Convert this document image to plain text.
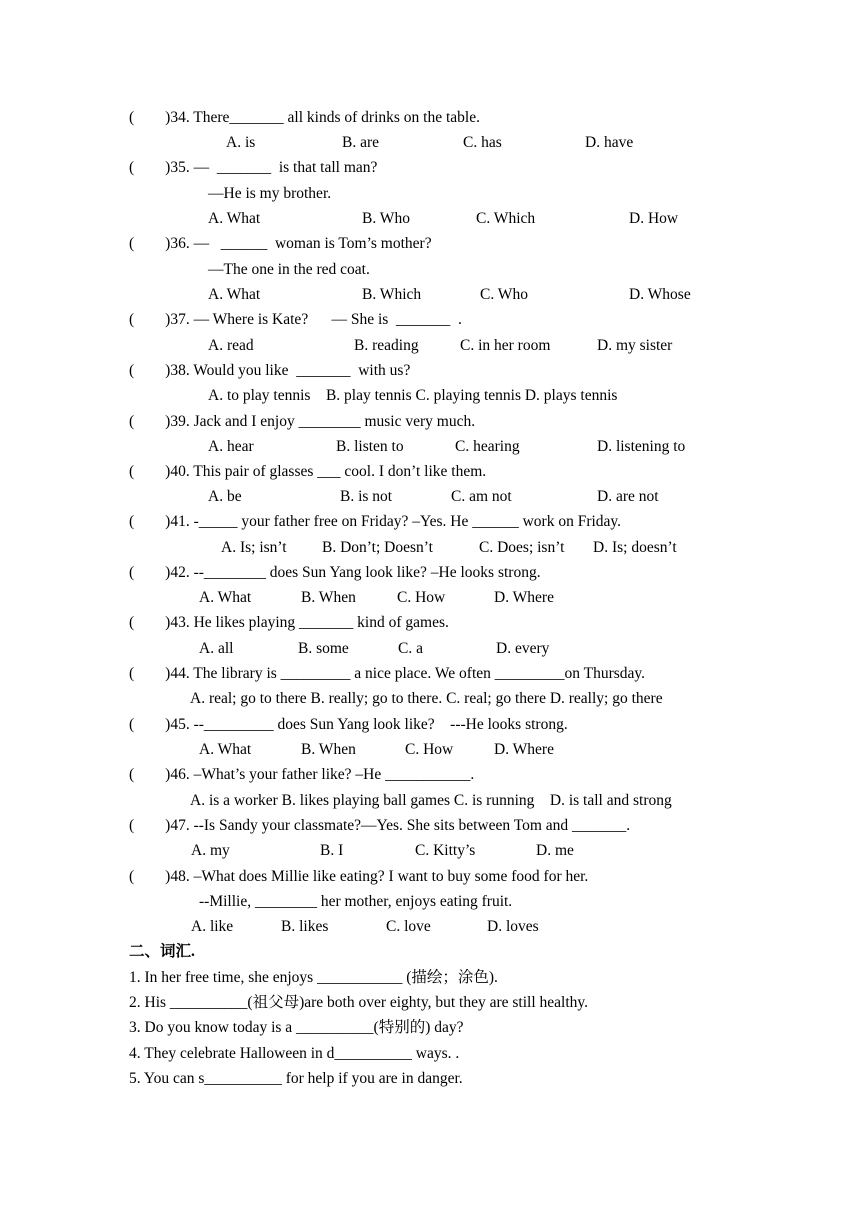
(        )34. There_______ all kinds of drinks on the table.
A. is	B. are	C. has	D. have
(        )35. —  _______  is that tall man?
—He is my brother.
A. What	B. Who	C. Which	D. How
(        )36. —   ______  woman is Tom’s mother?
—The one in the red coat.
A. What	B. Which	C. Who	D. Whose
(        )37. — Where is Kate?      — She is  _______  .
A. read	B. reading	C. in her room	D. my sister
(        )38. Would you like  _______  with us?
A. to play tennis    B. play tennis C. playing tennis D. plays tennis
(        )39. Jack and I enjoy ________ music very much.
A. hear	B. listen to	C. hearing	D. listening to
(        )40. This pair of glasses ___ cool. I don’t like them.
A. be	B. is not	C. am not	D. are not
(        )41. -_____ your father free on Friday? –Yes. He ______ work on Friday.
A. Is; isn’t B. Don’t; Doesn’t	C. Does; isn’t D. Is; doesn’t
(        )42. --________ does Sun Yang look like? –He looks strong.
A. What	B. When	C. How	D. Where
(        )43. He likes playing _______ kind of games.
A. all	B. some	C. a	D. every
(        )44. The library is _________ a nice place. We often _________on Thursday.
A. real; go to there B. really; go to there. C. real; go there D. really; go there
(        )45. --_________ does Sun Yang look like?    ---He looks strong.
A. What	B. When	C. How	D. Where
(        )46. –What’s your father like? –He ___________.
A. is a worker B. likes playing ball games C. is running    D. is tall and strong
(        )47. --Is Sandy your classmate?—Yes. She sits between Tom and _______.
A. my	B. I	C. Kitty’s	D. me
(        )48. –What does Millie like eating? I want to buy some food for her.
--Millie, ________ her mother, enjoys eating fruit.
A. like	B. likes	C. love	D. loves
二、词汇.
1. In her free time, she enjoys ___________ (描绘；涂色).
2. His __________(祖父母)are both over eighty, but they are still healthy.
3. Do you know today is a __________(特别的) day?
4. They celebrate Halloween in d__________ ways. .
5. You can s__________ for help if you are in danger.
